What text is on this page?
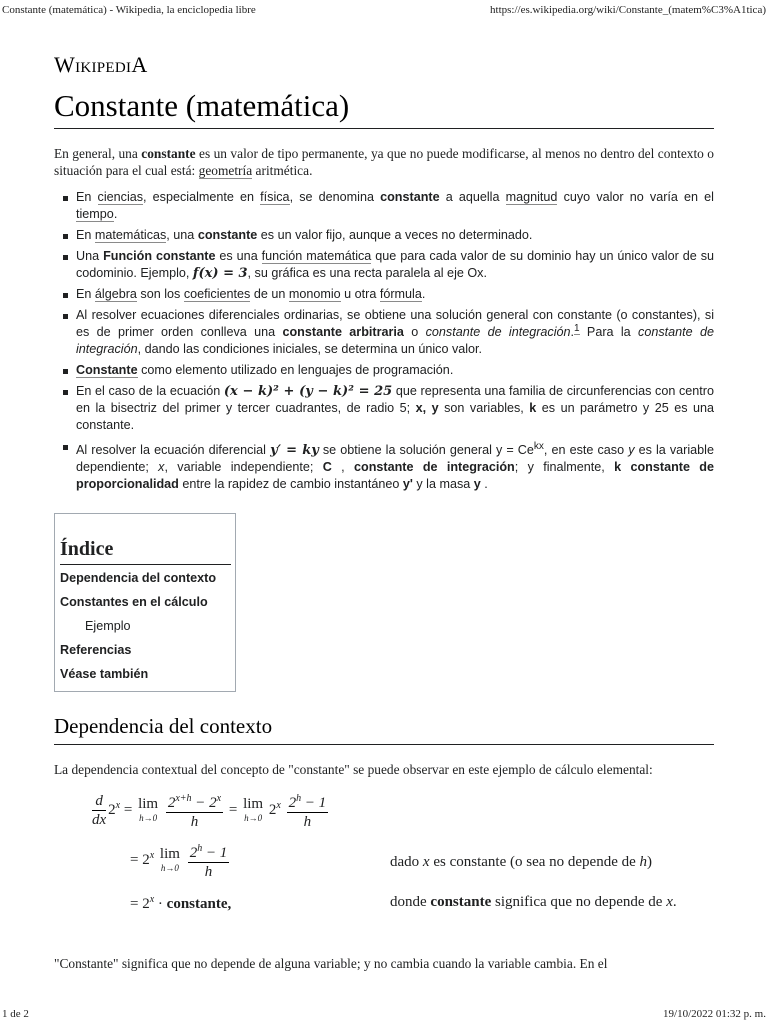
Constante (matemática) - Wikipedia, la enciclopedia libre	https://es.wikipedia.org/wiki/Constante_(matem%C3%A1tica)
WikipediA
Constante (matemática)

En general, una constante es un valor de tipo permanente, ya que no puede modificarse, al menos no dentro del contexto o situación para el cual está: geometría aritmética.

En ciencias, especialmente en física, se denomina constante a aquella magnitud cuyo valor no varía en el tiempo.
En matemáticas, una constante es un valor fijo, aunque a veces no determinado.
Una Función constante es una función matemática que para cada valor de su dominio hay un único valor de su codominio. Ejemplo, f(x) = 3, su gráfica es una recta paralela al eje Ox.
En álgebra son los coeficientes de un monomio u otra fórmula.
Al resolver ecuaciones diferenciales ordinarias, se obtiene una solución general con constante (o constantes), si es de primer orden conlleva una constante arbitraria o constante de integración.$^1$ Para la constante de integración, dando las condiciones iniciales, se determina un único valor.
Constante como elemento utilizado en lenguajes de programación.
En el caso de la ecuación (x − k)² + (y − k)² = 25 que representa una familia de circunferencias con centro en la bisectriz del primer y tercer cuadrantes, de radio 5; x, y son variables, k es un parámetro y 25 es una constante.
Al resolver la ecuación diferencial y′ = ky se obtiene la solución general $y = Ce^{kx}$, en este caso y es la variable dependiente; x, variable independiente; C , constante de integración; y finalmente, k constante de proporcionalidad entre la rapidez de cambio instantáneo y' y la masa y .
Índice
Dependencia del contexto
Constantes en el cálculo
Ejemplo
Referencias
Véase también
Dependencia del contexto

La dependencia contextual del concepto de "constante" se puede observar en este ejemplo de cálculo elemental:

$\frac{d}{dx} 2^x = \lim$
h→0
$\frac{2^{x+h} - 2^x}{h} = \lim$
h→0 $2^x \frac{2^h - 1}{h}$
= $2^x$ lim
h→0
$\frac{2^h - 1}{h}$	dado x es constante (o sea no depende de h)
= $2^x$ · constante,	donde constante significa que no depende de x.

"Constante" significa que no depende de alguna variable; y no cambia cuando la variable cambia. En el

1 de 2	19/10/2022 01:32 p. m.
